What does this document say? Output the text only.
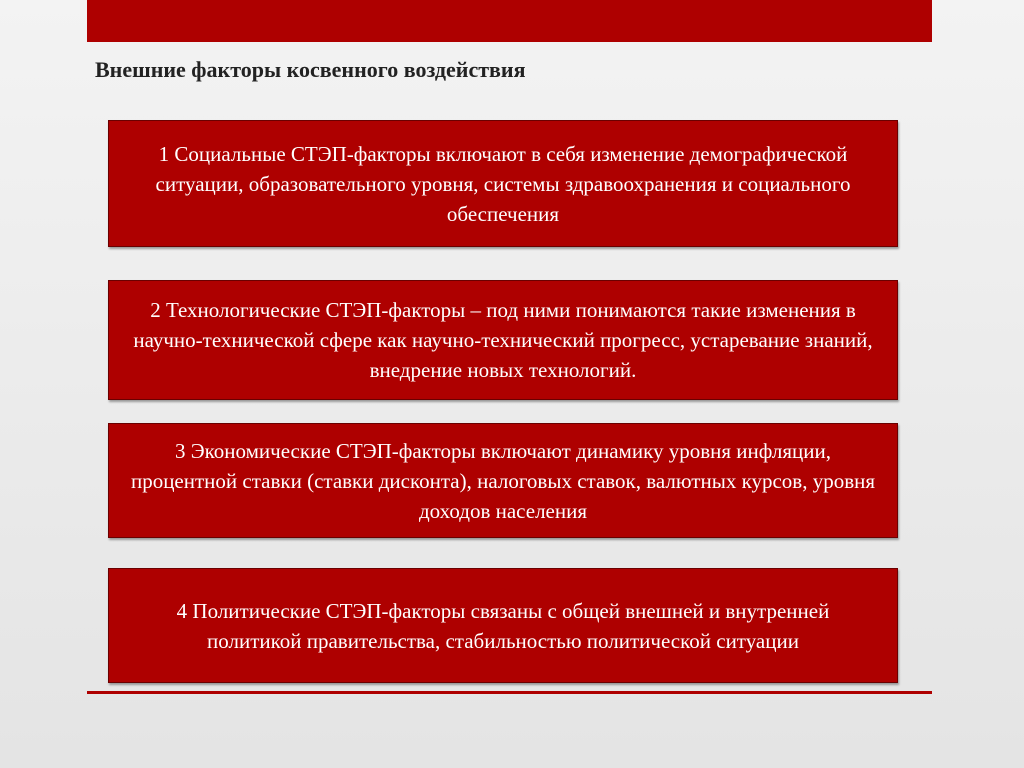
Внешние факторы косвенного воздействия
1 Социальные СТЭП-факторы включают в себя изменение демографической ситуации, образовательного уровня, системы здравоохранения и социального обеспечения
2 Технологические СТЭП-факторы – под ними понимаются такие изменения в научно-технической сфере как научно-технический прогресс, устаревание знаний, внедрение новых технологий.
3 Экономические СТЭП-факторы включают динамику уровня инфляции, процентной ставки (ставки дисконта), налоговых ставок, валютных курсов, уровня доходов населения
4 Политические СТЭП-факторы связаны с общей внешней и внутренней политикой правительства, стабильностью политической ситуации
